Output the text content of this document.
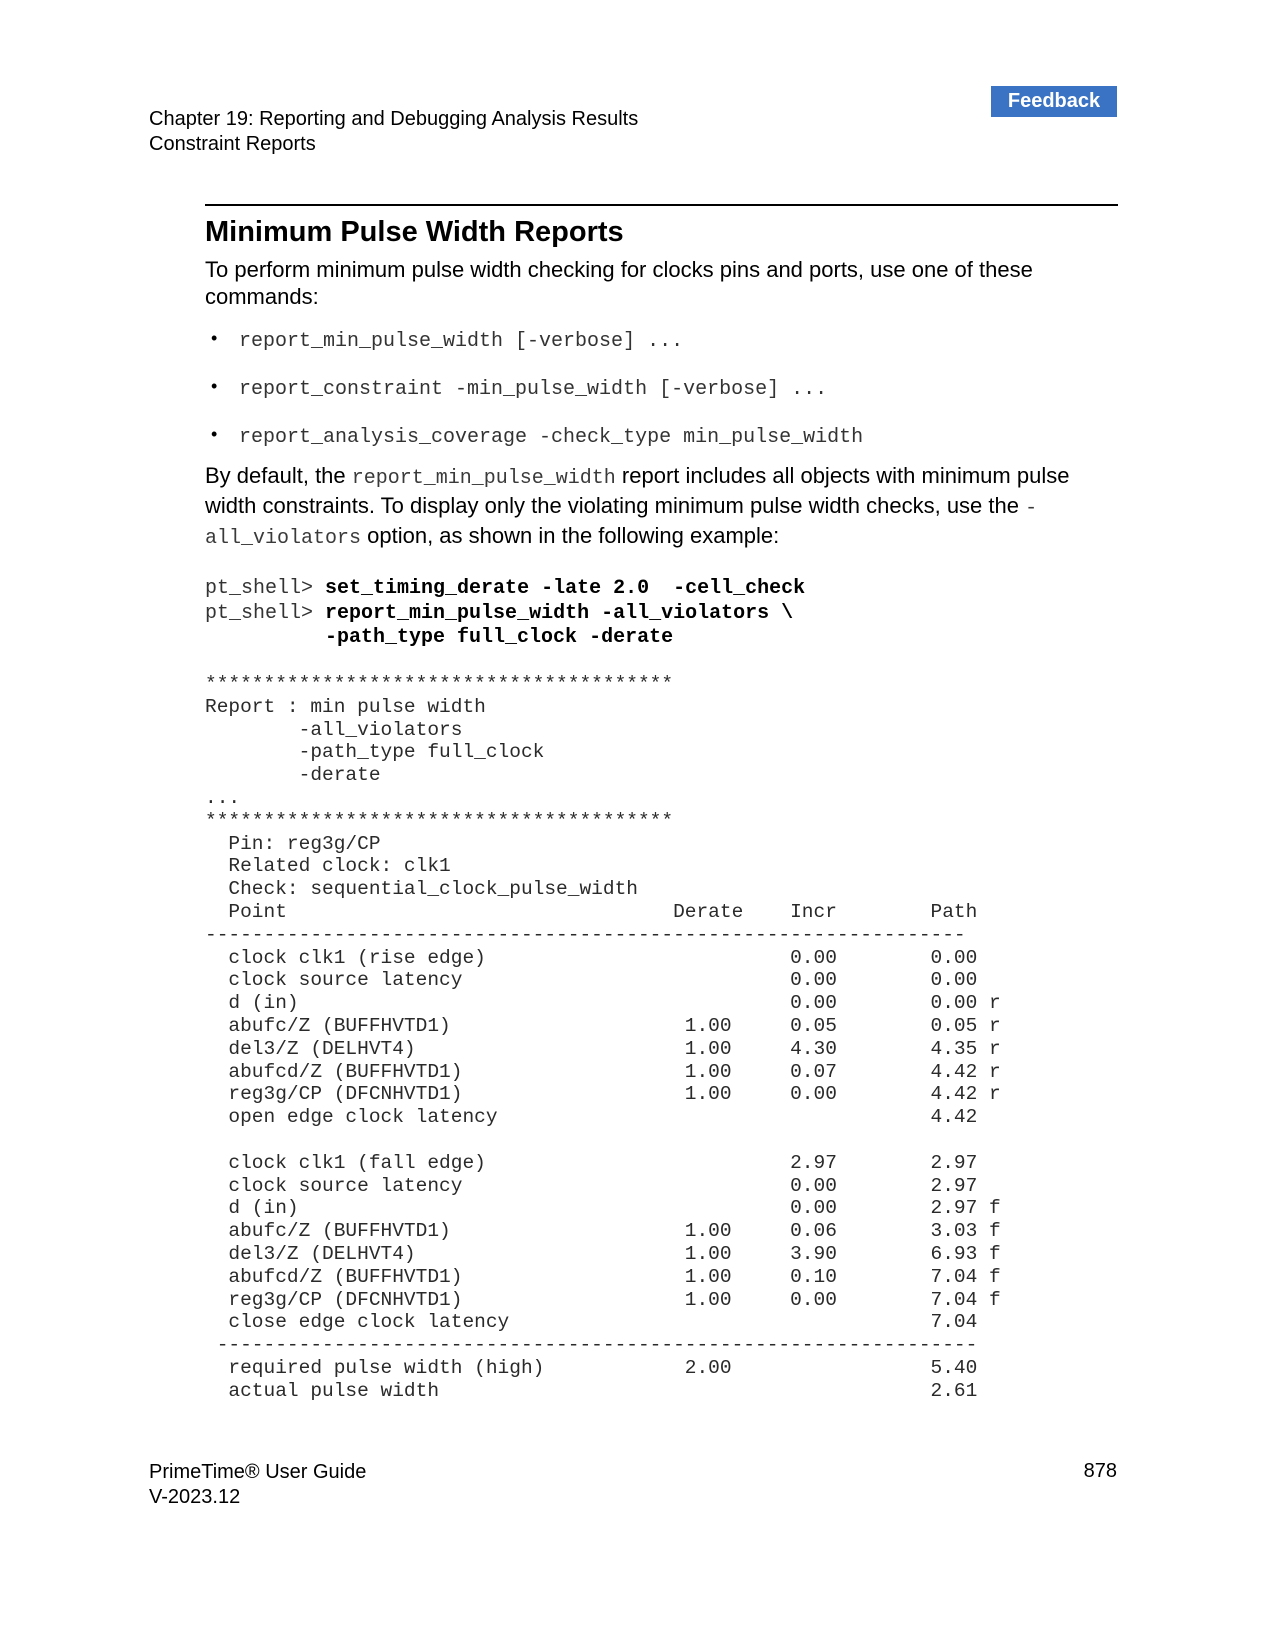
Feedback
Chapter 19: Reporting and Debugging Analysis Results
Constraint Reports
Minimum Pulse Width Reports

To perform minimum pulse width checking for clocks pins and ports, use one of these commands:

• report_min_pulse_width [-verbose] ...
• report_constraint -min_pulse_width [-verbose] ...
• report_analysis_coverage -check_type min_pulse_width

By default, the report_min_pulse_width report includes all objects with minimum pulse width constraints. To display only the violating minimum pulse width checks, use the -all_violators option, as shown in the following example:

pt_shell> set_timing_derate -late 2.0  -cell_check
pt_shell> report_min_pulse_width -all_violators \
-path_type full_clock -derate
****************************************
Report : min pulse width
-all_violators
-path_type full_clock
-derate
...
****************************************
Pin: reg3g/CP
Related clock: clk1
Check: sequential_clock_pulse_width
Point                                 Derate    Incr        Path
-----------------------------------------------------------------
clock clk1 (rise edge)                          0.00        0.00
clock source latency                            0.00        0.00
d (in)                                          0.00        0.00 r
abufc/Z (BUFFHVTD1)                    1.00     0.05        0.05 r
del3/Z (DELHVT4)                       1.00     4.30        4.35 r
abufcd/Z (BUFFHVTD1)                   1.00     0.07        4.42 r
reg3g/CP (DFCNHVTD1)                   1.00     0.00        4.42 r
open edge clock latency                                     4.42

clock clk1 (fall edge)                          2.97        2.97
clock source latency                            0.00        2.97
d (in)                                          0.00        2.97 f
abufc/Z (BUFFHVTD1)                    1.00     0.06        3.03 f
del3/Z (DELHVT4)                       1.00     3.90        6.93 f
abufcd/Z (BUFFHVTD1)                   1.00     0.10        7.04 f
reg3g/CP (DFCNHVTD1)                   1.00     0.00        7.04 f
close edge clock latency                                    7.04
-----------------------------------------------------------------
required pulse width (high)            2.00                 5.40
actual pulse width                                          2.61
PrimeTime® User Guide
V-2023.12
878
